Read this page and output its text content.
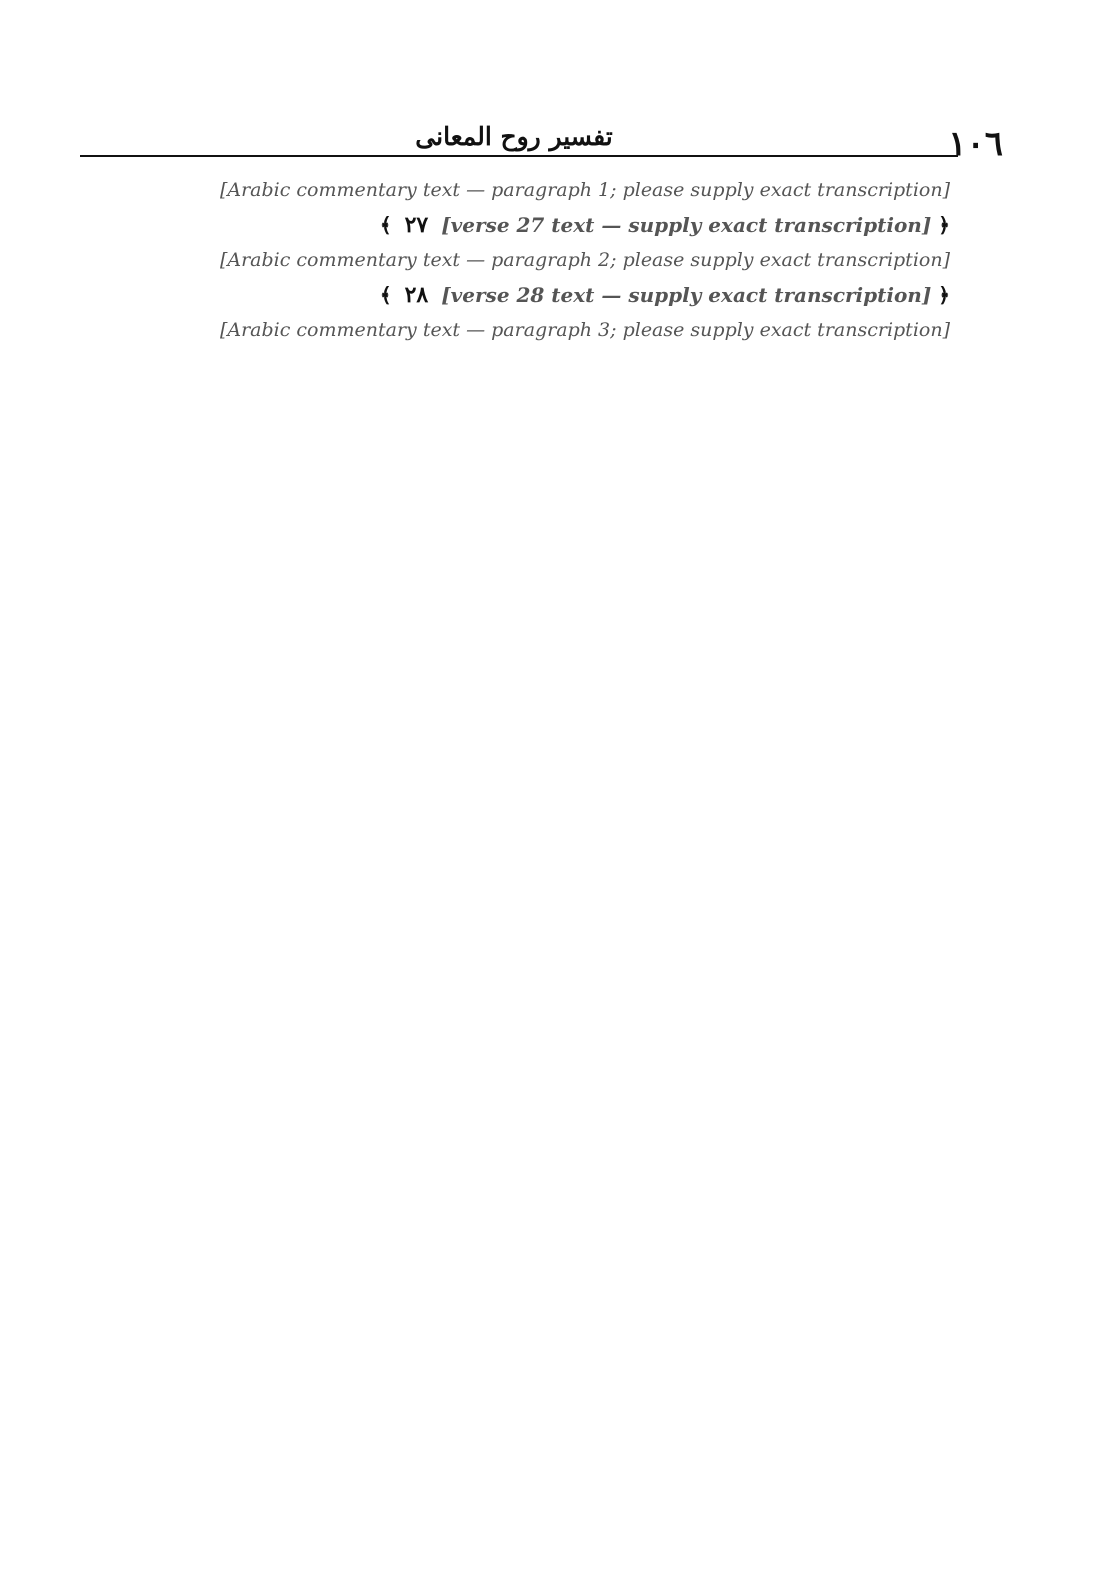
١٠٦
تفسير روح المعانى

[Arabic commentary text — paragraph 1; please supply exact transcription]

﴿ [verse 27 text — supply exact transcription] ٢٧ ﴾

[Arabic commentary text — paragraph 2; please supply exact transcription]

﴿ [verse 28 text — supply exact transcription] ٢٨ ﴾

[Arabic commentary text — paragraph 3; please supply exact transcription]
